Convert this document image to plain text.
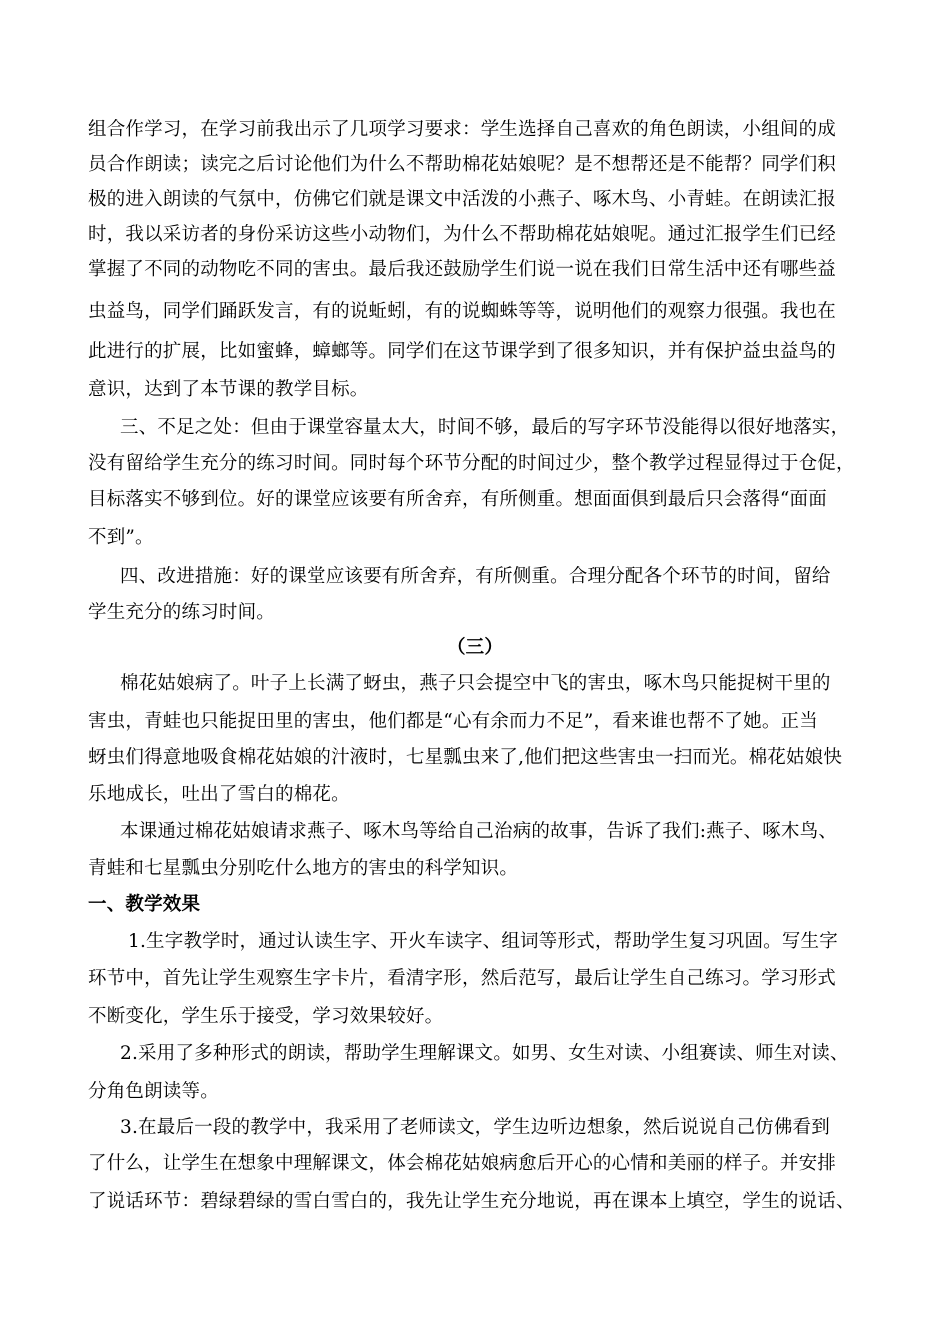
组合作学习，在学习前我出示了几项学习要求：学生选择自己喜欢的角色朗读，小组间的成
员合作朗读；读完之后讨论他们为什么不帮助棉花姑娘呢？是不想帮还是不能帮？同学们积
极的进入朗读的气氛中，仿佛它们就是课文中活泼的小燕子、啄木鸟、小青蛙。在朗读汇报
时，我以采访者的身份采访这些小动物们，为什么不帮助棉花姑娘呢。通过汇报学生们已经
掌握了不同的动物吃不同的害虫。最后我还鼓励学生们说一说在我们日常生活中还有哪些益
虫益鸟，同学们踊跃发言，有的说蚯蚓，有的说蜘蛛等等，说明他们的观察力很强。我也在
此进行的扩展，比如蜜蜂，蟑螂等。同学们在这节课学到了很多知识，并有保护益虫益鸟的
意识，达到了本节课的教学目标。
三、不足之处：但由于课堂容量太大，时间不够，最后的写字环节没能得以很好地落实，
没有留给学生充分的练习时间。同时每个环节分配的时间过少，整个教学过程显得过于仓促，
目标落实不够到位。好的课堂应该要有所舍弃，有所侧重。想面面俱到最后只会落得“面面
不到”。
四、改进措施：好的课堂应该要有所舍弃，有所侧重。合理分配各个环节的时间，留给
学生充分的练习时间。
（三）
棉花姑娘病了。叶子上长满了蚜虫，燕子只会提空中飞的害虫，啄木鸟只能捉树干里的
害虫，青蛙也只能捉田里的害虫，他们都是“心有余而力不足”，看来谁也帮不了她。正当
蚜虫们得意地吸食棉花姑娘的汁液时，七星瓢虫来了,他们把这些害虫一扫而光。棉花姑娘快
乐地成长，吐出了雪白的棉花。
本课通过棉花姑娘请求燕子、啄木鸟等给自己治病的故事，告诉了我们:燕子、啄木鸟、
青蛙和七星瓢虫分别吃什么地方的害虫的科学知识。
一、教学效果
1.生字教学时，通过认读生字、开火车读字、组词等形式，帮助学生复习巩固。写生字
环节中，首先让学生观察生字卡片，看清字形，然后范写，最后让学生自己练习。学习形式
不断变化，学生乐于接受，学习效果较好。
2.采用了多种形式的朗读，帮助学生理解课文。如男、女生对读、小组赛读、师生对读、
分角色朗读等。
3.在最后一段的教学中，我采用了老师读文，学生边听边想象，然后说说自己仿佛看到
了什么，让学生在想象中理解课文，体会棉花姑娘病愈后开心的心情和美丽的样子。并安排
了说话环节：碧绿碧绿的雪白雪白的，我先让学生充分地说，再在课本上填空，学生的说话、
